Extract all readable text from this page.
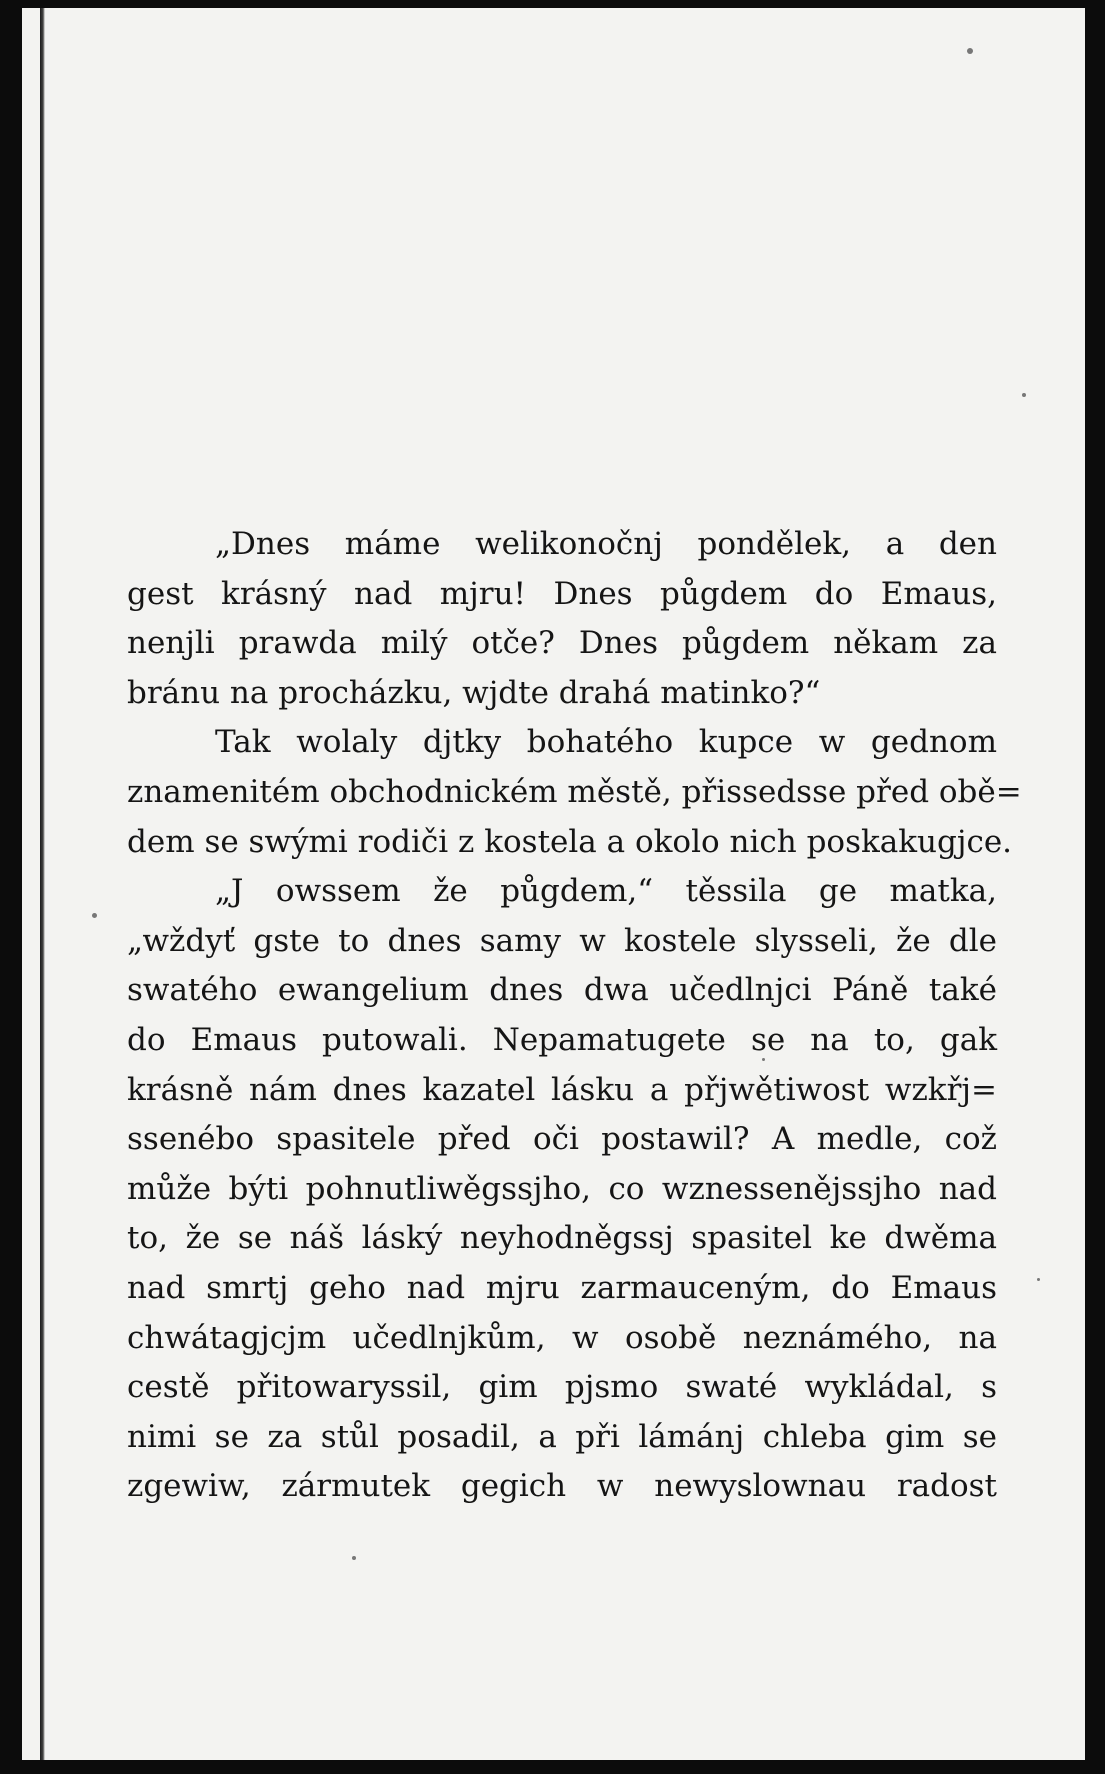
„Dnes máme welikonočnj pondělek, a den
gest krásný nad mjru! Dnes půgdem do Emaus,
nenjli prawda milý otče? Dnes půgdem někam za
bránu na procházku, wjdte drahá matinko?“
Tak wolaly djtky bohatého kupce w gednom
znamenitém obchodnickém městě, přissedsse před obě=
dem se swými rodiči z kostela a okolo nich poskakugjce.
„J owssem že půgdem,“ těssila ge matka,
„wždyť gste to dnes samy w kostele slysseli, že dle
swatého ewangelium dnes dwa učedlnjci Páně také
do Emaus putowali. Nepamatugete se na to, gak
krásně nám dnes kazatel lásku a přjwětiwost wzkřj=
ssenébo spasitele před oči postawil? A medle, což
může býti pohnutliwěgssjho, co wznessenějssjho nad
to, že se náš láský neyhodněgssj spasitel ke dwěma
nad smrtj geho nad mjru zarmauceným, do Emaus
chwátagjcjm učedlnjkům, w osobě neznámého, na
cestě přitowaryssil, gim pjsmo swaté wykládal, s
nimi se za stůl posadil, a při lámánj chleba gim se
zgewiw, zármutek gegich w newyslownau radost
